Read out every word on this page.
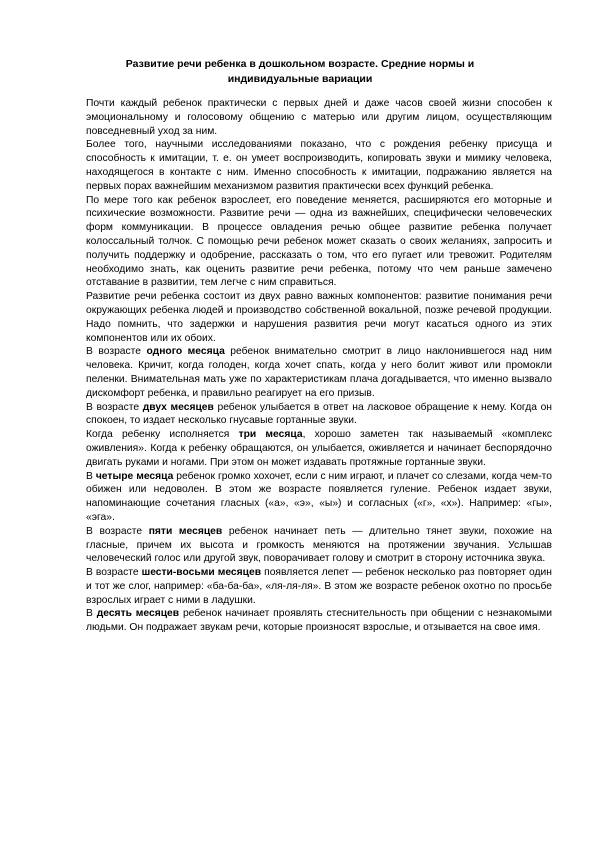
Развитие речи ребенка в дошкольном возрасте. Средние нормы и индивидуальные вариации

Почти каждый ребенок практически с первых дней и даже часов своей жизни способен к эмоциональному и голосовому общению с матерью или другим лицом, осуществляющим повседневный уход за ним.

Более того, научными исследованиями показано, что с рождения ребенку присуща и способность к имитации, т. е. он умеет воспроизводить, копировать звуки и мимику человека, находящегося в контакте с ним. Именно способность к имитации, подражанию является на первых порах важнейшим механизмом развития практически всех функций ребенка.

По мере того как ребенок взрослеет, его поведение меняется, расширяются его моторные и психические возможности. Развитие речи — одна из важнейших, специфически человеческих форм коммуникации. В процессе овладения речью общее развитие ребенка получает колоссальный толчок. С помощью речи ребенок может сказать о своих желаниях, запросить и получить поддержку и одобрение, рассказать о том, что его пугает или тревожит. Родителям необходимо знать, как оценить развитие речи ребенка, потому что чем раньше замечено отставание в развитии, тем легче с ним справиться.

Развитие речи ребенка состоит из двух равно важных компонентов: развитие понимания речи окружающих ребенка людей и производство собственной вокальной, позже речевой продукции. Надо помнить, что задержки и нарушения развития речи могут касаться одного из этих компонентов или их обоих.

В возрасте одного месяца ребенок внимательно смотрит в лицо наклонившегося над ним человека. Кричит, когда голоден, когда хочет спать, когда у него болит живот или промокли пеленки. Внимательная мать уже по характеристикам плача догадывается, что именно вызвало дискомфорт ребенка, и правильно реагирует на его призыв.

В возрасте двух месяцев ребенок улыбается в ответ на ласковое обращение к нему. Когда он спокоен, то издает несколько гнусавые гортанные звуки.

Когда ребенку исполняется три месяца, хорошо заметен так называемый «комплекс оживления». Когда к ребенку обращаются, он улыбается, оживляется и начинает беспорядочно двигать руками и ногами. При этом он может издавать протяжные гортанные звуки.

В четыре месяца ребенок громко хохочет, если с ним играют, и плачет со слезами, когда чем-то обижен или недоволен. В этом же возрасте появляется гуление. Ребенок издает звуки, напоминающие сочетания гласных («а», «э», «ы») и согласных («г», «х»). Например: «гы», «эга».

В возрасте пяти месяцев ребенок начинает петь — длительно тянет звуки, похожие на гласные, причем их высота и громкость меняются на протяжении звучания. Услышав человеческий голос или другой звук, поворачивает голову и смотрит в сторону источника звука.

В возрасте шести-восьми месяцев появляется лепет — ребенок несколько раз повторяет один и тот же слог, например: «ба-ба-ба», «ля-ля-ля». В этом же возрасте ребенок охотно по просьбе взрослых играет с ними в ладушки.

В десять месяцев ребенок начинает проявлять стеснительность при общении с незнакомыми людьми. Он подражает звукам речи, которые произносят взрослые, и отзывается на свое имя.
